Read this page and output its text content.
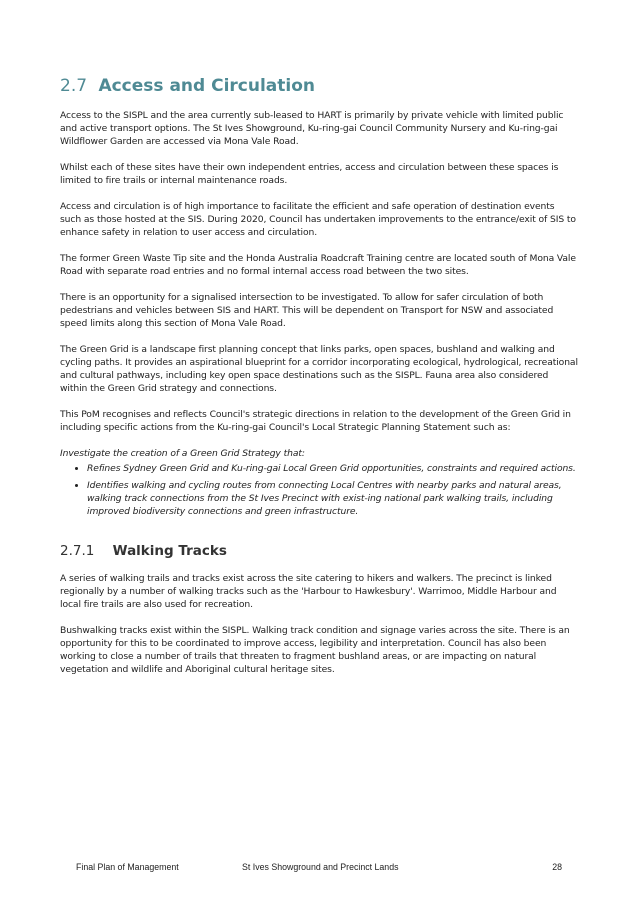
2.7 Access and Circulation

Access to the SISPL and the area currently sub-leased to HART is primarily by private vehicle with limited public and active transport options. The St Ives Showground, Ku-ring-gai Council Community Nursery and Ku-ring-gai Wildflower Garden are accessed via Mona Vale Road.

Whilst each of these sites have their own independent entries, access and circulation between these spaces is limited to fire trails or internal maintenance roads.

Access and circulation is of high importance to facilitate the efficient and safe operation of destination events such as those hosted at the SIS. During 2020, Council has undertaken improvements to the entrance/exit of SIS to enhance safety in relation to user access and circulation.

The former Green Waste Tip site and the Honda Australia Roadcraft Training centre are located south of Mona Vale Road with separate road entries and no formal internal access road between the two sites.

There is an opportunity for a signalised intersection to be investigated. To allow for safer circulation of both pedestrians and vehicles between SIS and HART. This will be dependent on Transport for NSW and associated speed limits along this section of Mona Vale Road.

The Green Grid is a landscape first planning concept that links parks, open spaces, bushland and walking and cycling paths. It provides an aspirational blueprint for a corridor incorporating ecological, hydrological, recreational and cultural pathways, including key open space destinations such as the SISPL. Fauna area also considered within the Green Grid strategy and connections.

This PoM recognises and reflects Council's strategic directions in relation to the development of the Green Grid in including specific actions from the Ku-ring-gai Council's Local Strategic Planning Statement such as:

Investigate the creation of a Green Grid Strategy that:

• Refines Sydney Green Grid and Ku-ring-gai Local Green Grid opportunities, constraints and required actions.
• Identifies walking and cycling routes from connecting Local Centres with nearby parks and natural areas, walking track connections from the St Ives Precinct with exist-ing national park walking trails, including improved biodiversity connections and green infrastructure.
2.7.1 Walking Tracks

A series of walking trails and tracks exist across the site catering to hikers and walkers. The precinct is linked regionally by a number of walking tracks such as the 'Harbour to Hawkesbury'. Warrimoo, Middle Harbour and local fire trails are also used for recreation.

Bushwalking tracks exist within the SISPL. Walking track condition and signage varies across the site. There is an opportunity for this to be coordinated to improve access, legibility and interpretation. Council has also been working to close a number of trails that threaten to fragment bushland areas, or are impacting on natural vegetation and wildlife and Aboriginal cultural heritage sites.

Final Plan of Management	St Ives Showground and Precinct Lands	28
